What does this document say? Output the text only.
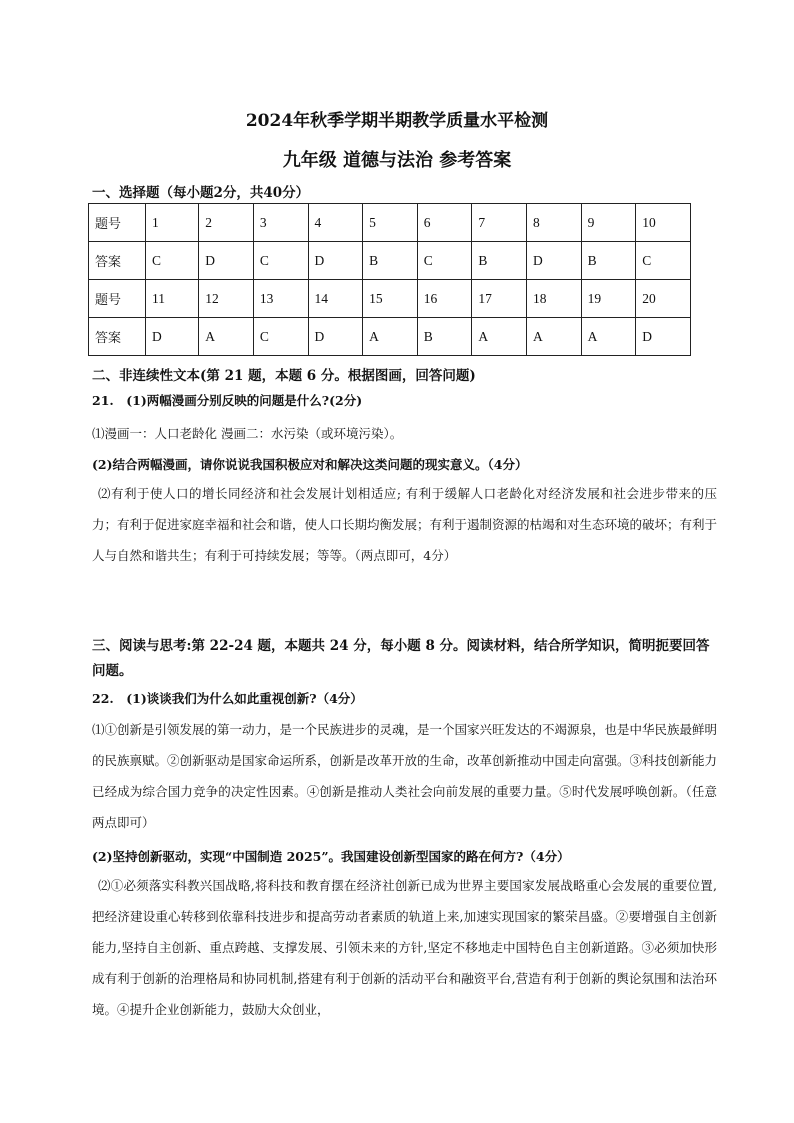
2024年秋季学期半期教学质量水平检测
九年级 道德与法治 参考答案

一、选择题（每小题2分，共40分）

题号	1	2	3	4	5	6	7	8	9	10
答案	C	D	C	D	B	C	B	D	B	C
题号	11	12	13	14	15	16	17	18	19	20
答案	D	A	C	D	A	B	A	A	A	D

二、非连续性文本(第 21 题，本题 6 分。根据图画，回答问题)

21.　(1)两幅漫画分别反映的问题是什么?(2分)

⑴漫画一：人口老龄化 漫画二：水污染（或环境污染）。

(2)结合两幅漫画，请你说说我国积极应对和解决这类问题的现实意义。（4分）

⑵有利于使人口的增长同经济和社会发展计划相适应; 有利于缓解人口老龄化对经济发展和社会进步带来的压力；有利于促进家庭幸福和社会和谐，使人口长期均衡发展；有利于遏制资源的枯竭和对生态环境的破坏；有利于人与自然和谐共生；有利于可持续发展；等等。（两点即可，4分）

三、阅读与思考:第 22-24 题，本题共 24 分，每小题 8 分。阅读材料，结合所学知识，简明扼要回答问题。

22.　(1)谈谈我们为什么如此重视创新?（4分）

⑴①创新是引领发展的第一动力，是一个民族进步的灵魂，是一个国家兴旺发达的不竭源泉，也是中华民族最鲜明的民族禀赋。②创新驱动是国家命运所系，创新是改革开放的生命，改革创新推动中国走向富强。③科技创新能力已经成为综合国力竞争的决定性因素。④创新是推动人类社会向前发展的重要力量。⑤时代发展呼唤创新。（任意两点即可）

(2)坚持创新驱动，实现“中国制造 2025”。我国建设创新型国家的路在何方?（4分）

⑵①必须落实科教兴国战略,将科技和教育摆在经济社创新已成为世界主要国家发展战略重心会发展的重要位置,把经济建设重心转移到依靠科技进步和提高劳动者素质的轨道上来,加速实现国家的繁荣昌盛。②要增强自主创新能力,坚持自主创新、重点跨越、支撑发展、引领未来的方针,坚定不移地走中国特色自主创新道路。③必须加快形成有利于创新的治理格局和协同机制,搭建有利于创新的活动平台和融资平台,营造有利于创新的舆论氛围和法治环境。④提升企业创新能力，鼓励大众创业，
